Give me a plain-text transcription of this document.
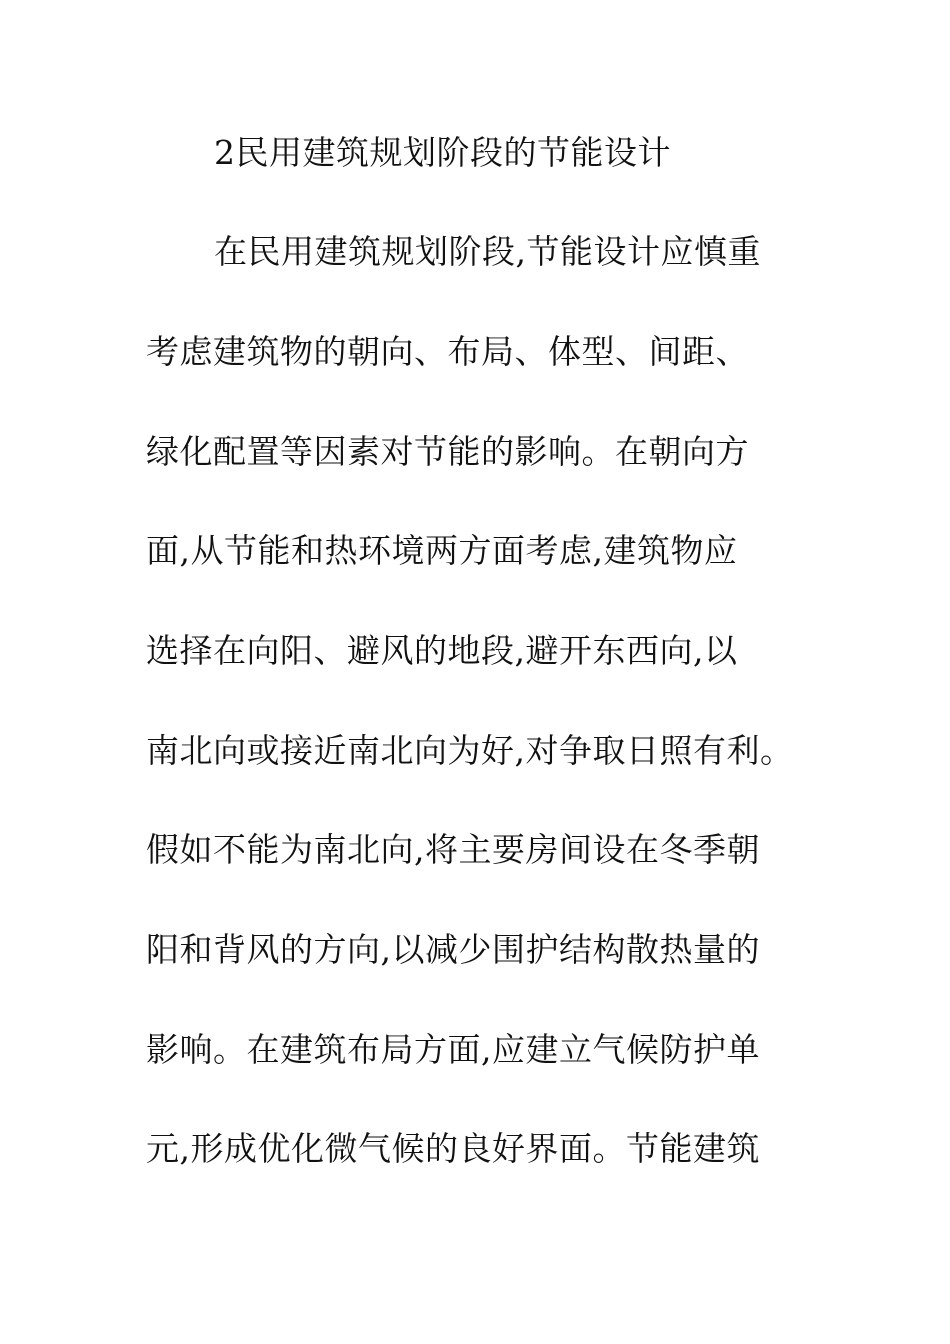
2民用建筑规划阶段的节能设计
在民用建筑规划阶段,节能设计应慎重
考虑建筑物的朝向、布局、体型、间距、
绿化配置等因素对节能的影响。在朝向方
面,从节能和热环境两方面考虑,建筑物应
选择在向阳、避风的地段,避开东西向,以
南北向或接近南北向为好,对争取日照有利。
假如不能为南北向,将主要房间设在冬季朝
阳和背风的方向,以减少围护结构散热量的
影响。在建筑布局方面,应建立气候防护单
元,形成优化微气候的良好界面。节能建筑
